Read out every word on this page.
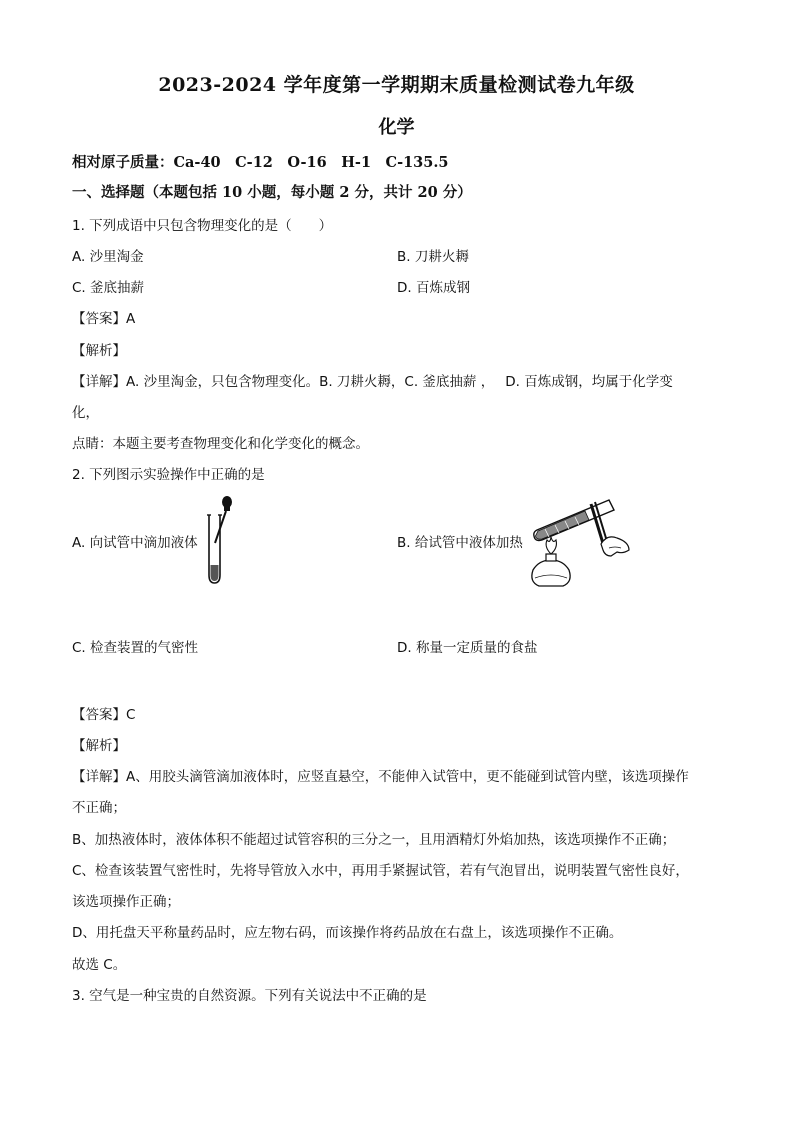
2023-2024 学年度第一学期期末质量检测试卷九年级
化学
相对原子质量：Ca-40　C-12　O-16　H-1　C-135.5
一、选择题（本题包括 10 小题，每小题 2 分，共计 20 分）
1. 下列成语中只包含物理变化的是（　　）
A. 沙里淘金	B. 刀耕火耨
C. 釜底抽薪	D. 百炼成钢
【答案】A
【解析】
【详解】A. 沙里淘金，只包含物理变化。B. 刀耕火耨，C. 釜底抽薪 ，　 D. 百炼成钢，均属于化学变
化，
点睛：本题主要考查物理变化和化学变化的概念。
2. 下列图示实验操作中正确的是
A. 向试管中滴加液体	B. 给试管中液体加热
C. 检查装置的气密性	D. 称量一定质量的食盐
【答案】C
【解析】
【详解】A、用胶头滴管滴加液体时，应竖直悬空，不能伸入试管中，更不能碰到试管内壁，该选项操作
不正确；
B、加热液体时，液体体积不能超过试管容积的三分之一，且用酒精灯外焰加热，该选项操作不正确；
C、检查该装置气密性时，先将导管放入水中，再用手紧握试管，若有气泡冒出，说明装置气密性良好，
该选项操作正确；
D、用托盘天平称量药品时，应左物右码，而该操作将药品放在右盘上，该选项操作不正确。
故选 C。
3. 空气是一种宝贵的自然资源。下列有关说法中不正确的是
